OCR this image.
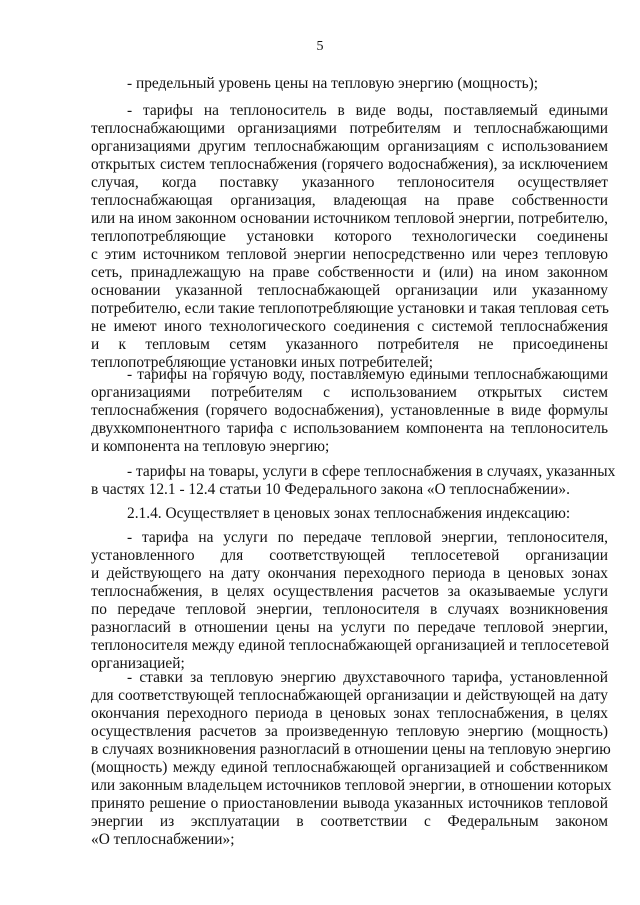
5
- предельный уровень цены на тепловую энергию (мощность);
- тарифы на теплоноситель в виде воды, поставляемый едиными
теплоснабжающими организациями потребителям и теплоснабжающими
организациями другим теплоснабжающим организациям с использованием
открытых систем теплоснабжения (горячего водоснабжения), за исключением
случая, когда поставку указанного теплоносителя осуществляет
теплоснабжающая организация, владеющая на праве собственности
или на ином законном основании источником тепловой энергии, потребителю,
теплопотребляющие установки которого технологически соединены
с этим источником тепловой энергии непосредственно или через тепловую
сеть, принадлежащую на праве собственности и (или) на ином законном
основании указанной теплоснабжающей организации или указанному
потребителю, если такие теплопотребляющие установки и такая тепловая сеть
не имеют иного технологического соединения с системой теплоснабжения
и к тепловым сетям указанного потребителя не присоединены
теплопотребляющие установки иных потребителей;
- тарифы на горячую воду, поставляемую едиными теплоснабжающими
организациями потребителям с использованием открытых систем
теплоснабжения (горячего водоснабжения), установленные в виде формулы
двухкомпонентного тарифа с использованием компонента на теплоноситель
и компонента на тепловую энергию;
- тарифы на товары, услуги в сфере теплоснабжения в случаях, указанных
в частях 12.1 - 12.4 статьи 10 Федерального закона «О теплоснабжении».
2.1.4. Осуществляет в ценовых зонах теплоснабжения индексацию:
- тарифа на услуги по передаче тепловой энергии, теплоносителя,
установленного для соответствующей теплосетевой организации
и действующего на дату окончания переходного периода в ценовых зонах
теплоснабжения, в целях осуществления расчетов за оказываемые услуги
по передаче тепловой энергии, теплоносителя в случаях возникновения
разногласий в отношении цены на услуги по передаче тепловой энергии,
теплоносителя между единой теплоснабжающей организацией и теплосетевой
организацией;
- ставки за тепловую энергию двухставочного тарифа, установленной
для соответствующей теплоснабжающей организации и действующей на дату
окончания переходного периода в ценовых зонах теплоснабжения, в целях
осуществления расчетов за произведенную тепловую энергию (мощность)
в случаях возникновения разногласий в отношении цены на тепловую энергию
(мощность) между единой теплоснабжающей организацией и собственником
или законным владельцем источников тепловой энергии, в отношении которых
принято решение о приостановлении вывода указанных источников тепловой
энергии из эксплуатации в соответствии с Федеральным законом
«О теплоснабжении»;
